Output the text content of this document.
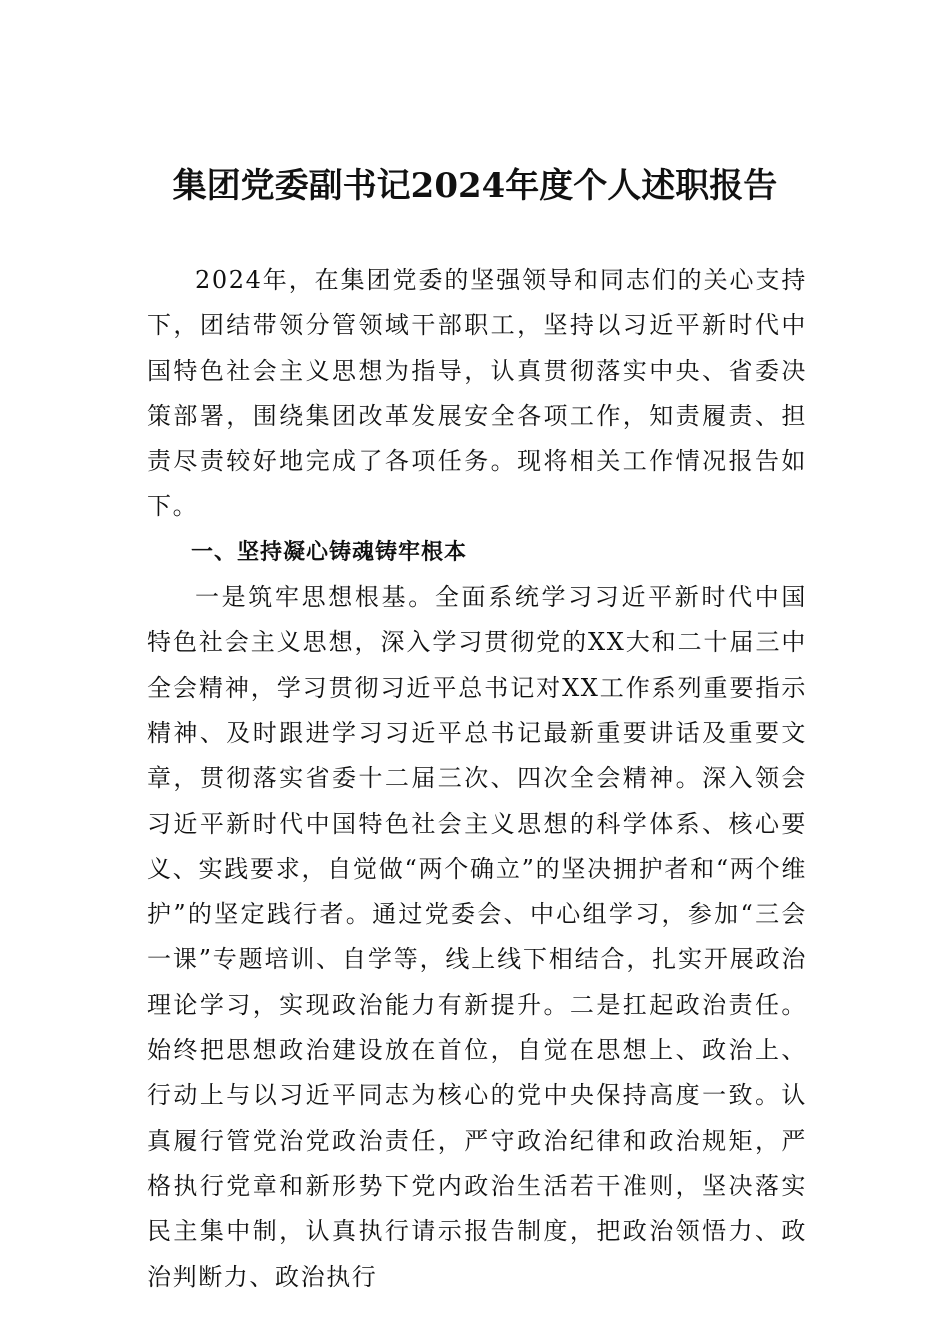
集团党委副书记2024年度个人述职报告

2024年，在集团党委的坚强领导和同志们的关心支持下，团结带领分管领域干部职工，坚持以习近平新时代中国特色社会主义思想为指导，认真贯彻落实中央、省委决策部署，围绕集团改革发展安全各项工作，知责履责、担责尽责较好地完成了各项任务。现将相关工作情况报告如下。

一、坚持凝心铸魂铸牢根本

一是筑牢思想根基。全面系统学习习近平新时代中国特色社会主义思想，深入学习贯彻党的XX大和二十届三中全会精神，学习贯彻习近平总书记对XX工作系列重要指示精神、及时跟进学习习近平总书记最新重要讲话及重要文章，贯彻落实省委十二届三次、四次全会精神。深入领会习近平新时代中国特色社会主义思想的科学体系、核心要义、实践要求，自觉做“两个确立”的坚决拥护者和“两个维护”的坚定践行者。通过党委会、中心组学习，参加“三会一课”专题培训、自学等，线上线下相结合，扎实开展政治理论学习，实现政治能力有新提升。二是扛起政治责任。始终把思想政治建设放在首位，自觉在思想上、政治上、行动上与以习近平同志为核心的党中央保持高度一致。认真履行管党治党政治责任，严守政治纪律和政治规矩，严格执行党章和新形势下党内政治生活若干准则，坚决落实民主集中制，认真执行请示报告制度，把政治领悟力、政治判断力、政治执行
